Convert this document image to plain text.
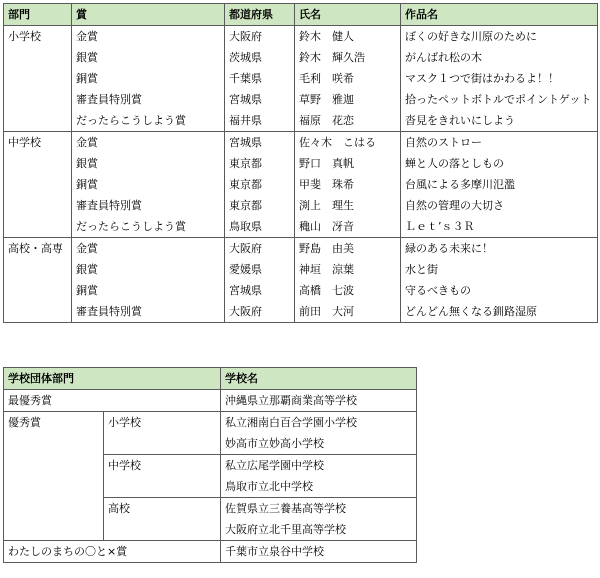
部門	賞	都道府県	氏名	作品名
小学校	金賞	大阪府	鈴木　健人	ぼくの好きな川原のために
	銀賞	茨城県	鈴木　輝久浩	がんばれ松の木
	銅賞	千葉県	毛利　咲希	マスク１つで街はかわるよ！！
	審査員特別賞	宮城県	草野　雅迦	拾ったペットボトルでポイントゲット
	だったらこうしよう賞	福井県	福原　花恋	沓見をきれいにしよう
中学校	金賞	宮城県	佐々木　こはる	自然のストロー
	銀賞	東京都	野口　真帆	蝉と人の落としもの
	銅賞	東京都	甲斐　珠希	台風による多摩川氾濫
	審査員特別賞	東京都	渕上　理生	自然の管理の大切さ
	だったらこうしよう賞	鳥取県	穐山　冴音	Ｌｅｔ’ｓ３Ｒ
高校・高専	金賞	大阪府	野島　由美	緑のある未来に！
	銀賞	愛媛県	神垣　涼葉	水と街
	銅賞	宮城県	高橋　七波	守るべきもの
	審査員特別賞	大阪府	前田　大河	どんどん無くなる釧路湿原
学校団体部門		学校名
最優秀賞		沖縄県立那覇商業高等学校
優秀賞	小学校	私立湘南白百合学園小学校
		妙高市立妙高小学校
	中学校	私立広尾学園中学校
		鳥取市立北中学校
	高校	佐賀県立三養基高等学校
		大阪府立北千里高等学校
わたしのまちの〇と×賞		千葉市立泉谷中学校
